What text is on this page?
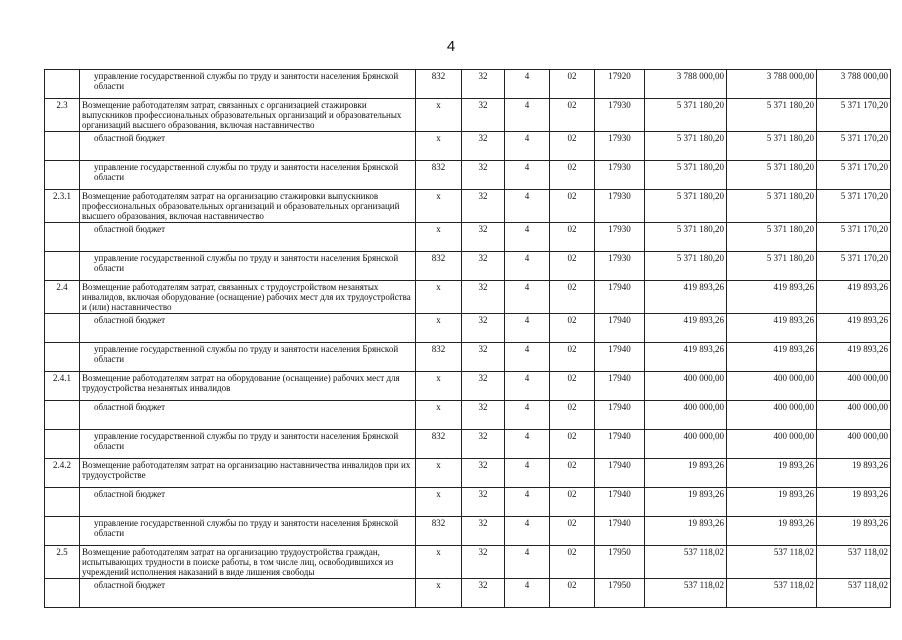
4
	управление государственной службы по труду и занятости населения Брянской области	832	32	4	02	17920	3 788 000,00	3 788 000,00	3 788 000,00
2.3	Возмещение работодателям затрат, связанных с организацией стажировки выпускников профессиональных образовательных организаций и образовательных организаций высшего образования, включая наставничество	x	32	4	02	17930	5 371 180,20	5 371 180,20	5 371 170,20
	областной бюджет	x	32	4	02	17930	5 371 180,20	5 371 180,20	5 371 170,20
	управление государственной службы по труду и занятости населения Брянской области	832	32	4	02	17930	5 371 180,20	5 371 180,20	5 371 170,20
2.3.1	Возмещение работодателям затрат на организацию стажировки выпускников профессиональных образовательных организаций и образовательных организаций высшего образования, включая наставничество	x	32	4	02	17930	5 371 180,20	5 371 180,20	5 371 170,20
	областной бюджет	x	32	4	02	17930	5 371 180,20	5 371 180,20	5 371 170,20
	управление государственной службы по труду и занятости населения Брянской области	832	32	4	02	17930	5 371 180,20	5 371 180,20	5 371 170,20
2.4	Возмещение работодателям затрат, связанных с трудоустройством незанятых инвалидов, включая оборудование (оснащение) рабочих мест для их трудоустройства и (или) наставничество	x	32	4	02	17940	419 893,26	419 893,26	419 893,26
	областной бюджет	x	32	4	02	17940	419 893,26	419 893,26	419 893,26
	управление государственной службы по труду и занятости населения Брянской области	832	32	4	02	17940	419 893,26	419 893,26	419 893,26
2.4.1	Возмещение работодателям затрат на оборудование (оснащение) рабочих мест для трудоустройства незанятых инвалидов	x	32	4	02	17940	400 000,00	400 000,00	400 000,00
	областной бюджет	x	32	4	02	17940	400 000,00	400 000,00	400 000,00
	управление государственной службы по труду и занятости населения Брянской области	832	32	4	02	17940	400 000,00	400 000,00	400 000,00
2.4.2	Возмещение работодателям затрат на организацию наставничества инвалидов при их трудоустройстве	x	32	4	02	17940	19 893,26	19 893,26	19 893,26
	областной бюджет	x	32	4	02	17940	19 893,26	19 893,26	19 893,26
	управление государственной службы по труду и занятости населения Брянской области	832	32	4	02	17940	19 893,26	19 893,26	19 893,26
2.5	Возмещение работодателям затрат на организацию трудоустройства граждан, испытывающих трудности в поиске работы, в том числе лиц, освободившихся из учреждений исполнения наказаний в виде лишения свободы	x	32	4	02	17950	537 118,02	537 118,02	537 118,02
	областной бюджет	x	32	4	02	17950	537 118,02	537 118,02	537 118,02
